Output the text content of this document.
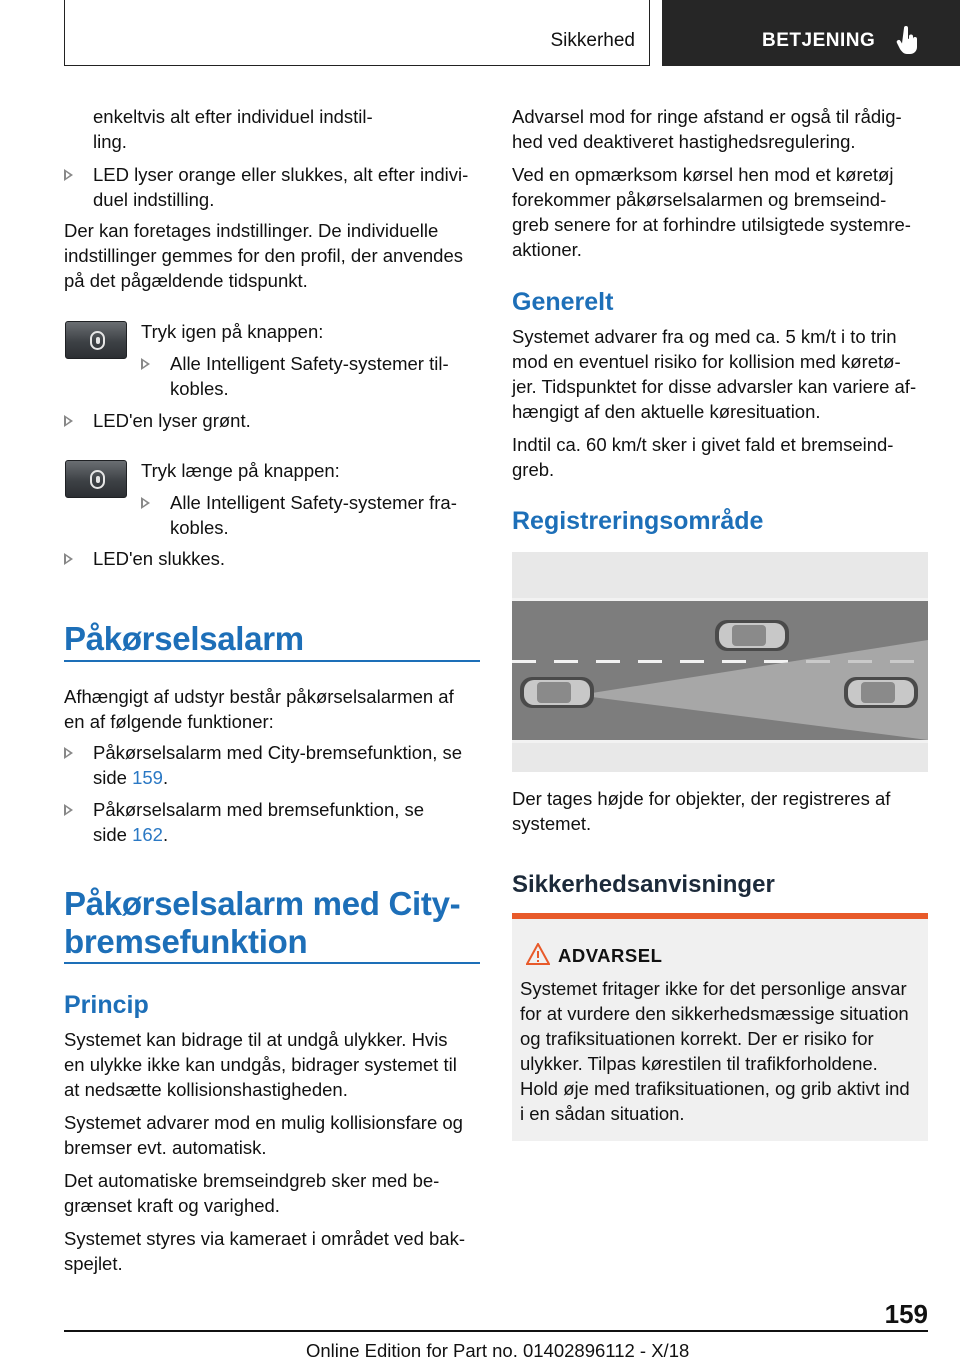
Sikkerhed	BETJENING

enkeltvis alt efter individuel indstil-
ling.

LED lyser orange eller slukkes, alt efter indivi-
duel indstilling.

Der kan foretages indstillinger. De individuelle
indstillinger gemmes for den profil, der anvendes
på det pågældende tidspunkt.

Tryk igen på knappen:

Alle Intelligent Safety-systemer til-
kobles.
LED'en lyser grønt.

Tryk længe på knappen:

Alle Intelligent Safety-systemer fra-
kobles.
LED'en slukkes.
Påkørselsalarm

Afhængigt af udstyr består påkørselsalarmen af
en af følgende funktioner:

Påkørselsalarm med City-bremsefunktion, se
side 159.
Påkørselsalarm med bremsefunktion, se
side 162.
Påkørselsalarm med City-
bremsefunktion
Princip

Systemet kan bidrage til at undgå ulykker. Hvis
en ulykke ikke kan undgås, bidrager systemet til
at nedsætte kollisionshastigheden.

Systemet advarer mod en mulig kollisionsfare og
bremser evt. automatisk.

Det automatiske bremseindgreb sker med be-
grænset kraft og varighed.

Systemet styres via kameraet i området ved bak-
spejlet.

Advarsel mod for ringe afstand er også til rådig-
hed ved deaktiveret hastighedsregulering.

Ved en opmærksom kørsel hen mod et køretøj
forekommer påkørselsalarmen og bremseind-
greb senere for at forhindre utilsigtede systemre-
aktioner.

Generelt

Systemet advarer fra og med ca. 5 km/t i to trin
mod en eventuel risiko for kollision med køretø-
jer. Tidspunktet for disse advarsler kan variere af-
hængigt af den aktuelle køresituation.

Indtil ca. 60 km/t sker i givet fald et bremseind-
greb.

Registreringsområde

Der tages højde for objekter, der registreres af
systemet.

Sikkerhedsanvisninger
ADVARSEL

Systemet fritager ikke for det personlige ansvar
for at vurdere den sikkerhedsmæssige situation
og trafiksituationen korrekt. Der er risiko for
ulykker. Tilpas kørestilen til trafikforholdene.
Hold øje med trafiksituationen, og grib aktivt ind
i en sådan situation.

159
Online Edition for Part no. 01402896112 - X/18
